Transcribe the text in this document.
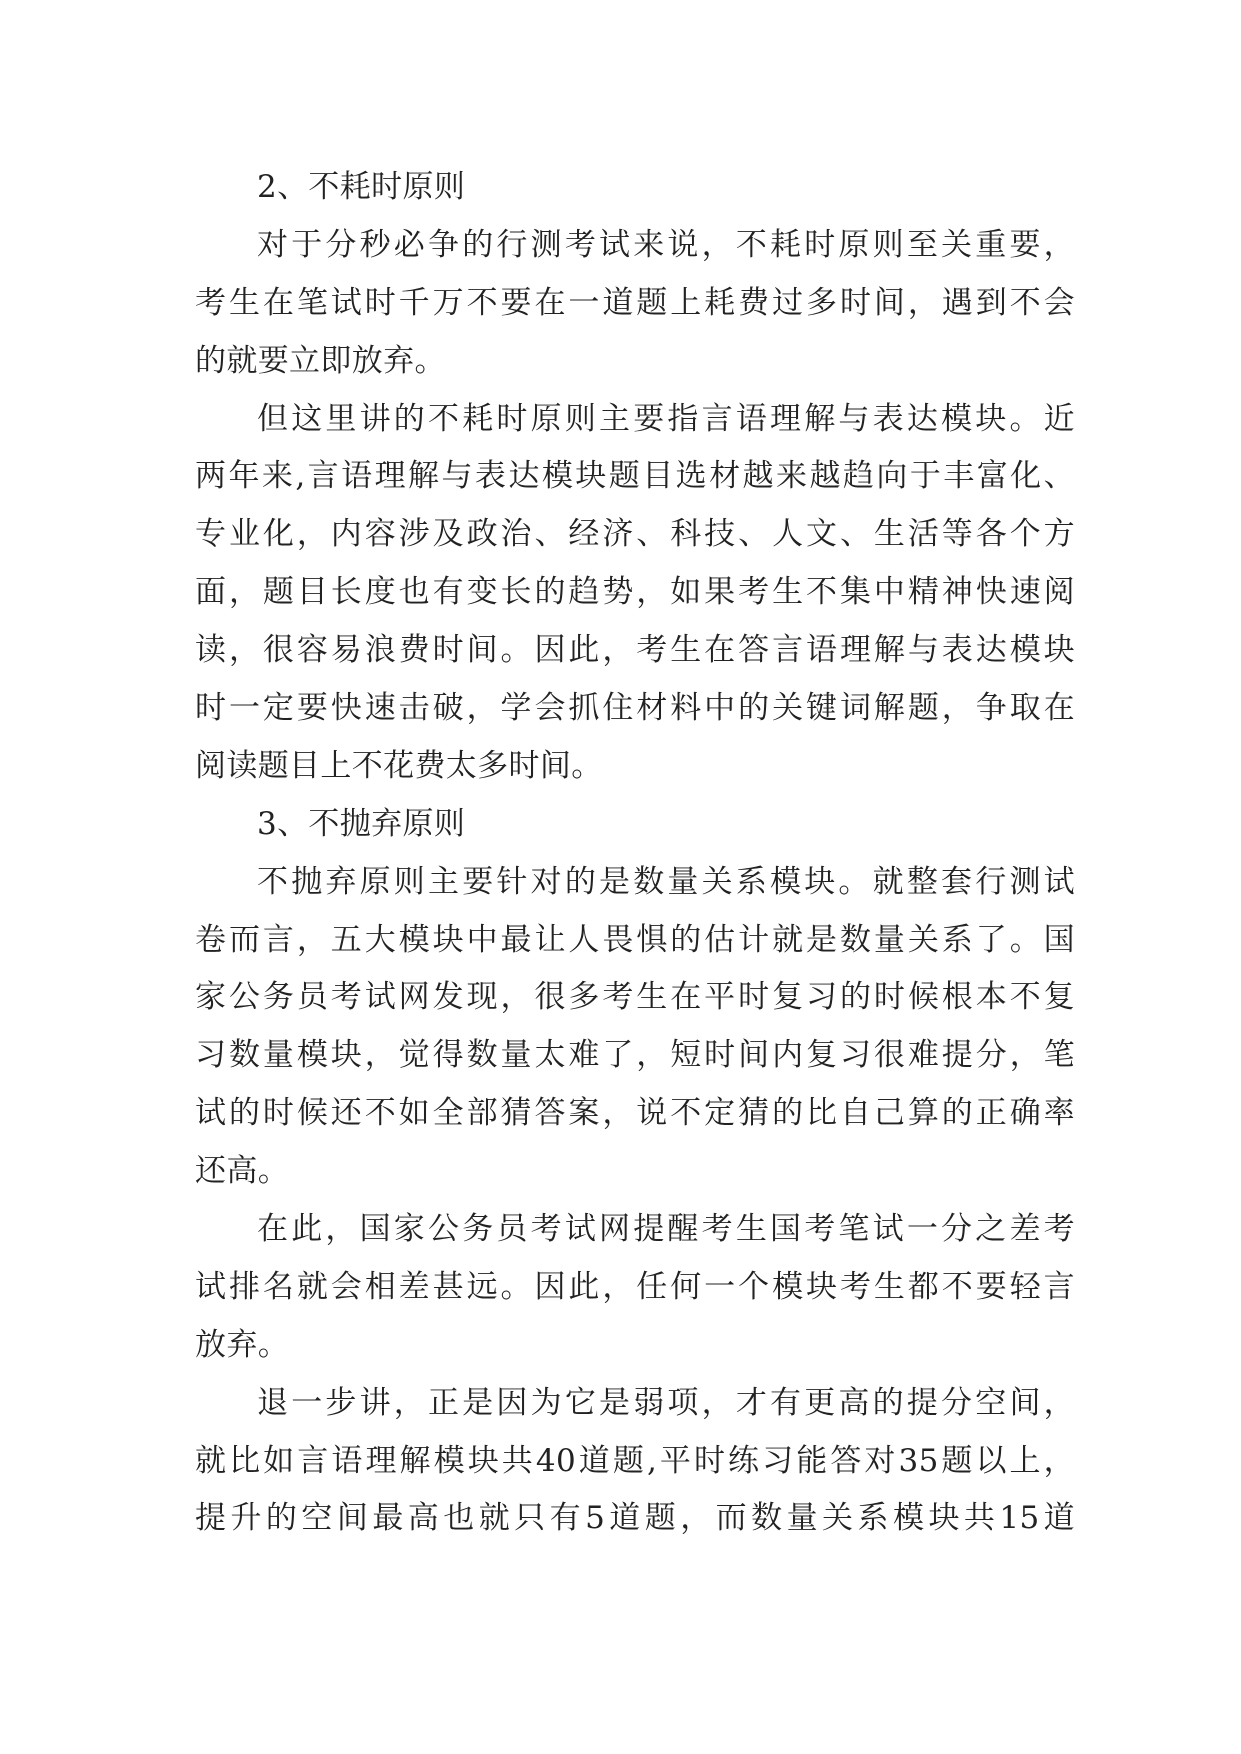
2、不耗时原则
对于分秒必争的行测考试来说，不耗时原则至关重要，
考生在笔试时千万不要在一道题上耗费过多时间，遇到不会
的就要立即放弃。
但这里讲的不耗时原则主要指言语理解与表达模块。近
两年来,言语理解与表达模块题目选材越来越趋向于丰富化、
专业化，内容涉及政治、经济、科技、人文、生活等各个方
面，题目长度也有变长的趋势，如果考生不集中精神快速阅
读，很容易浪费时间。因此，考生在答言语理解与表达模块
时一定要快速击破，学会抓住材料中的关键词解题，争取在
阅读题目上不花费太多时间。
3、不抛弃原则
不抛弃原则主要针对的是数量关系模块。就整套行测试
卷而言，五大模块中最让人畏惧的估计就是数量关系了。国
家公务员考试网发现，很多考生在平时复习的时候根本不复
习数量模块，觉得数量太难了，短时间内复习很难提分，笔
试的时候还不如全部猜答案，说不定猜的比自己算的正确率
还高。
在此，国家公务员考试网提醒考生国考笔试一分之差考
试排名就会相差甚远。因此，任何一个模块考生都不要轻言
放弃。
退一步讲，正是因为它是弱项，才有更高的提分空间，
就比如言语理解模块共40道题,平时练习能答对35题以上，
提升的空间最高也就只有5道题，而数量关系模块共15道
